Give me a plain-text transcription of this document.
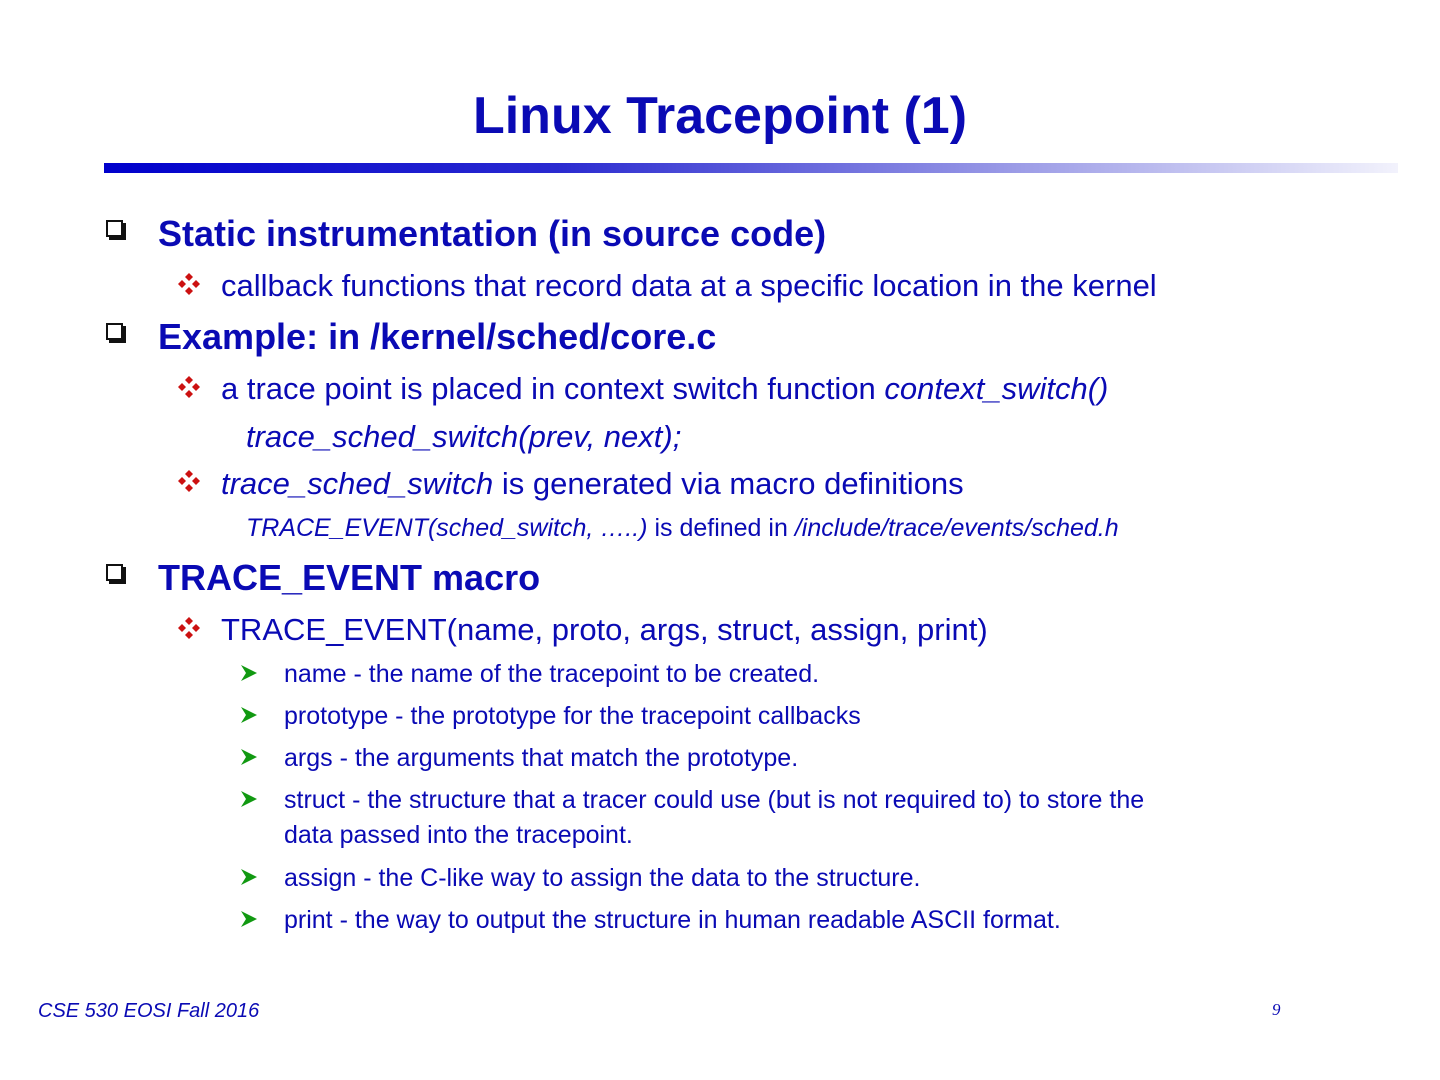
Linux Tracepoint (1)
Static instrumentation (in source code)
callback functions that record data at a specific location in the kernel
Example: in /kernel/sched/core.c
a trace point is placed in context switch function context_switch()
trace_sched_switch(prev, next);
trace_sched_switch is generated via macro definitions
TRACE_EVENT(sched_switch, …..) is defined in /include/trace/events/sched.h
TRACE_EVENT macro
TRACE_EVENT(name, proto, args, struct, assign, print)
name - the name of the tracepoint to be created.
prototype - the prototype for the tracepoint callbacks
args - the arguments that match the prototype.
struct - the structure that a tracer could use (but is not required to) to store the
data passed into the tracepoint.
assign - the C-like way to assign the data to the structure.
print - the way to output the structure in human readable ASCII format.
CSE 530 EOSI Fall 2016	9
